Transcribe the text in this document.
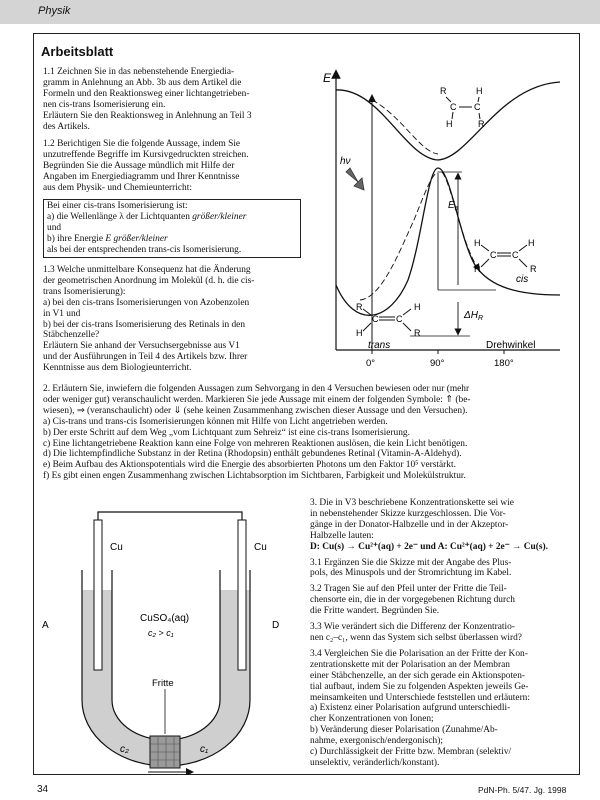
Physik
Arbeitsblatt

1.1 Zeichnen Sie in das nebenstehende Energiedia-

gramm in Anlehnung an Abb. 3b aus dem Artikel die

Formeln und den Reaktionsweg einer lichtangetrieben-

nen cis-trans Isomerisierung ein.

Erläutern Sie den Reaktionsweg in Anlehnung an Teil 3

des Artikels.

1.2 Berichtigen Sie die folgende Aussage, indem Sie

unzutreffende Begriffe im Kursivgedruckten streichen.

Begründen Sie die Aussage mündlich mit Hilfe der

Angaben im Energiediagramm und Ihrer Kenntnisse

aus dem Physik- und Chemieunterricht:

Bei einer cis-trans Isomerisierung ist:
a) die Wellenlänge λ der Lichtquanten größer/kleiner
und
b) ihre Energie E größer/kleiner
als bei der entsprechenden trans-cis Isomerisierung.

1.3 Welche unmittelbare Konsequenz hat die Änderung

der geometrischen Anordnung im Molekül (d. h. die cis-

trans Isomerisierung):

a) bei den cis-trans Isomerisierungen von Azobenzolen

in V1 und

b) bei der cis-trans Isomerisierung des Retinals in den

Stäbchenzelle?

Erläutern Sie anhand der Versuchsergebnisse aus V1

und der Ausführungen in Teil 4 des Artikels bzw. Ihrer

Kenntnisse aus dem Biologieunterricht.

E
0°	90°	180°
Drehwinkel
hν
$E_a$
$\Delta H_R$
R	H
C C
H	R
H	H
C C
R	R
cis
R	H
C C
H	R
trans

2. Erläutern Sie, inwiefern die folgenden Aussagen zum Sehvorgang in den 4 Versuchen bewiesen oder nur (mehr

oder weniger gut) veranschaulicht werden. Markieren Sie jede Aussage mit einem der folgenden Symbole: ⇑ (be-

wiesen), ⇒ (veranschaulicht) oder ⇓ (sehe keinen Zusammenhang zwischen dieser Aussage und den Versuchen).

a) Cis-trans und trans-cis Isomerisierungen können mit Hilfe von Licht angetrieben werden.

b) Der erste Schritt auf dem Weg „vom Lichtquant zum Sehreiz“ ist eine cis-trans Isomerisierung.

c) Eine lichtangetriebene Reaktion kann eine Folge von mehreren Reaktionen auslösen, die kein Licht benötigen.

d) Die lichtempfindliche Substanz in der Retina (Rhodopsin) enthält gebundenes Retinal (Vitamin-A-Aldehyd).

e) Beim Aufbau des Aktionspotentials wird die Energie des absorbierten Photons um den Faktor 10⁵ verstärkt.

f) Es gibt einen engen Zusammenhang zwischen Lichtabsorption im Sichtbaren, Farbigkeit und Molekülstruktur.

Cu	Cu
A	D
CuSO₄(aq)
c₂ > c₁
Fritte
c₂	c₁

3. Die in V3 beschriebene Konzentrationskette sei wie

in nebenstehender Skizze kurzgeschlossen. Die Vor-

gänge in der Donator-Halbzelle und in der Akzeptor-

Halbzelle lauten:

D: Cu(s) → Cu²⁺(aq) + 2e⁻ und A: Cu²⁺(aq) + 2e⁻ → Cu(s).

3.1 Ergänzen Sie die Skizze mit der Angabe des Plus-

pols, des Minuspols und der Stromrichtung im Kabel.

3.2 Tragen Sie auf den Pfeil unter der Fritte die Teil-

chensorte ein, die in der vorgegebenen Richtung durch

die Fritte wandert. Begründen Sie.

3.3 Wie verändert sich die Differenz der Konzentratio-

nen c₂–c₁, wenn das System sich selbst überlassen wird?

3.4 Vergleichen Sie die Polarisation an der Fritte der Kon-

zentrationskette mit der Polarisation an der Membran

einer Stäbchenzelle, an der sich gerade ein Aktionspoten-

tial aufbaut, indem Sie zu folgenden Aspekten jeweils Ge-

meinsamkeiten und Unterschiede feststellen und erläutern:

a) Existenz einer Polarisation aufgrund unterschiedli-

cher Konzentrationen von Ionen;

b) Veränderung dieser Polarisation (Zunahme/Ab-

nahme, exergonisch/endergonisch);

c) Durchlässigkeit der Fritte bzw. Membran (selektiv/

unselektiv, veränderlich/konstant).

34	PdN-Ph. 5/47. Jg. 1998
